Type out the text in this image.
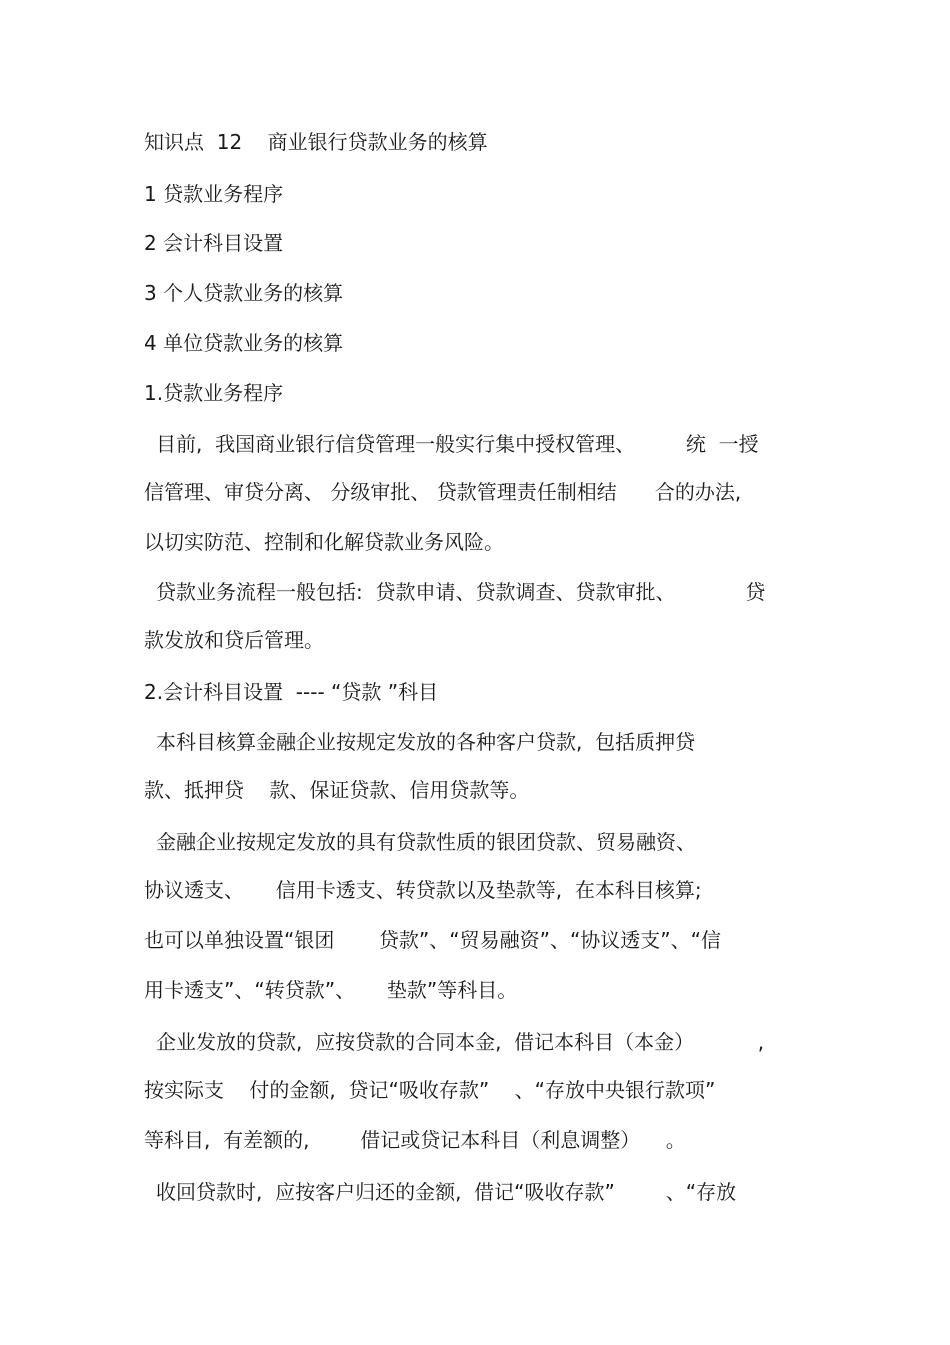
知识点  12    商业银行贷款业务的核算

1 贷款业务程序

2 会计科目设置

3 个人贷款业务的核算

4 单位贷款业务的核算

1.贷款业务程序

目前,  我国商业银行信贷管理一般实行集中授权管理、        统  一授

信管理、审贷分离、 分级审批、 贷款管理责任制相结      合的办法,

以切实防范、控制和化解贷款业务风险。

贷款业务流程一般包括:  贷款申请、贷款调查、贷款审批、           贷

款发放和贷后管理。

2.会计科目设置  ---- “贷款 ”科目

本科目核算金融企业按规定发放的各种客户贷款,  包括质押贷

款、抵押贷    款、保证贷款、信用贷款等。

金融企业按规定发放的具有贷款性质的银团贷款、贸易融资、

协议透支、     信用卡透支、转贷款以及垫款等,  在本科目核算;

也可以单独设置“银团       贷款”、“贸易融资”、“协议透支”、“信

用卡透支”、“转贷款”、     垫款”等科目。

企业发放的贷款,  应按贷款的合同本金,  借记本科目（本金）          ,

按实际支    付的金额,  贷记“吸收存款”    、“存放中央银行款项”

等科目,  有差额的,        借记或贷记本科目（利息调整）    。

收回贷款时,  应按客户归还的金额,  借记“吸收存款”        、“存放
